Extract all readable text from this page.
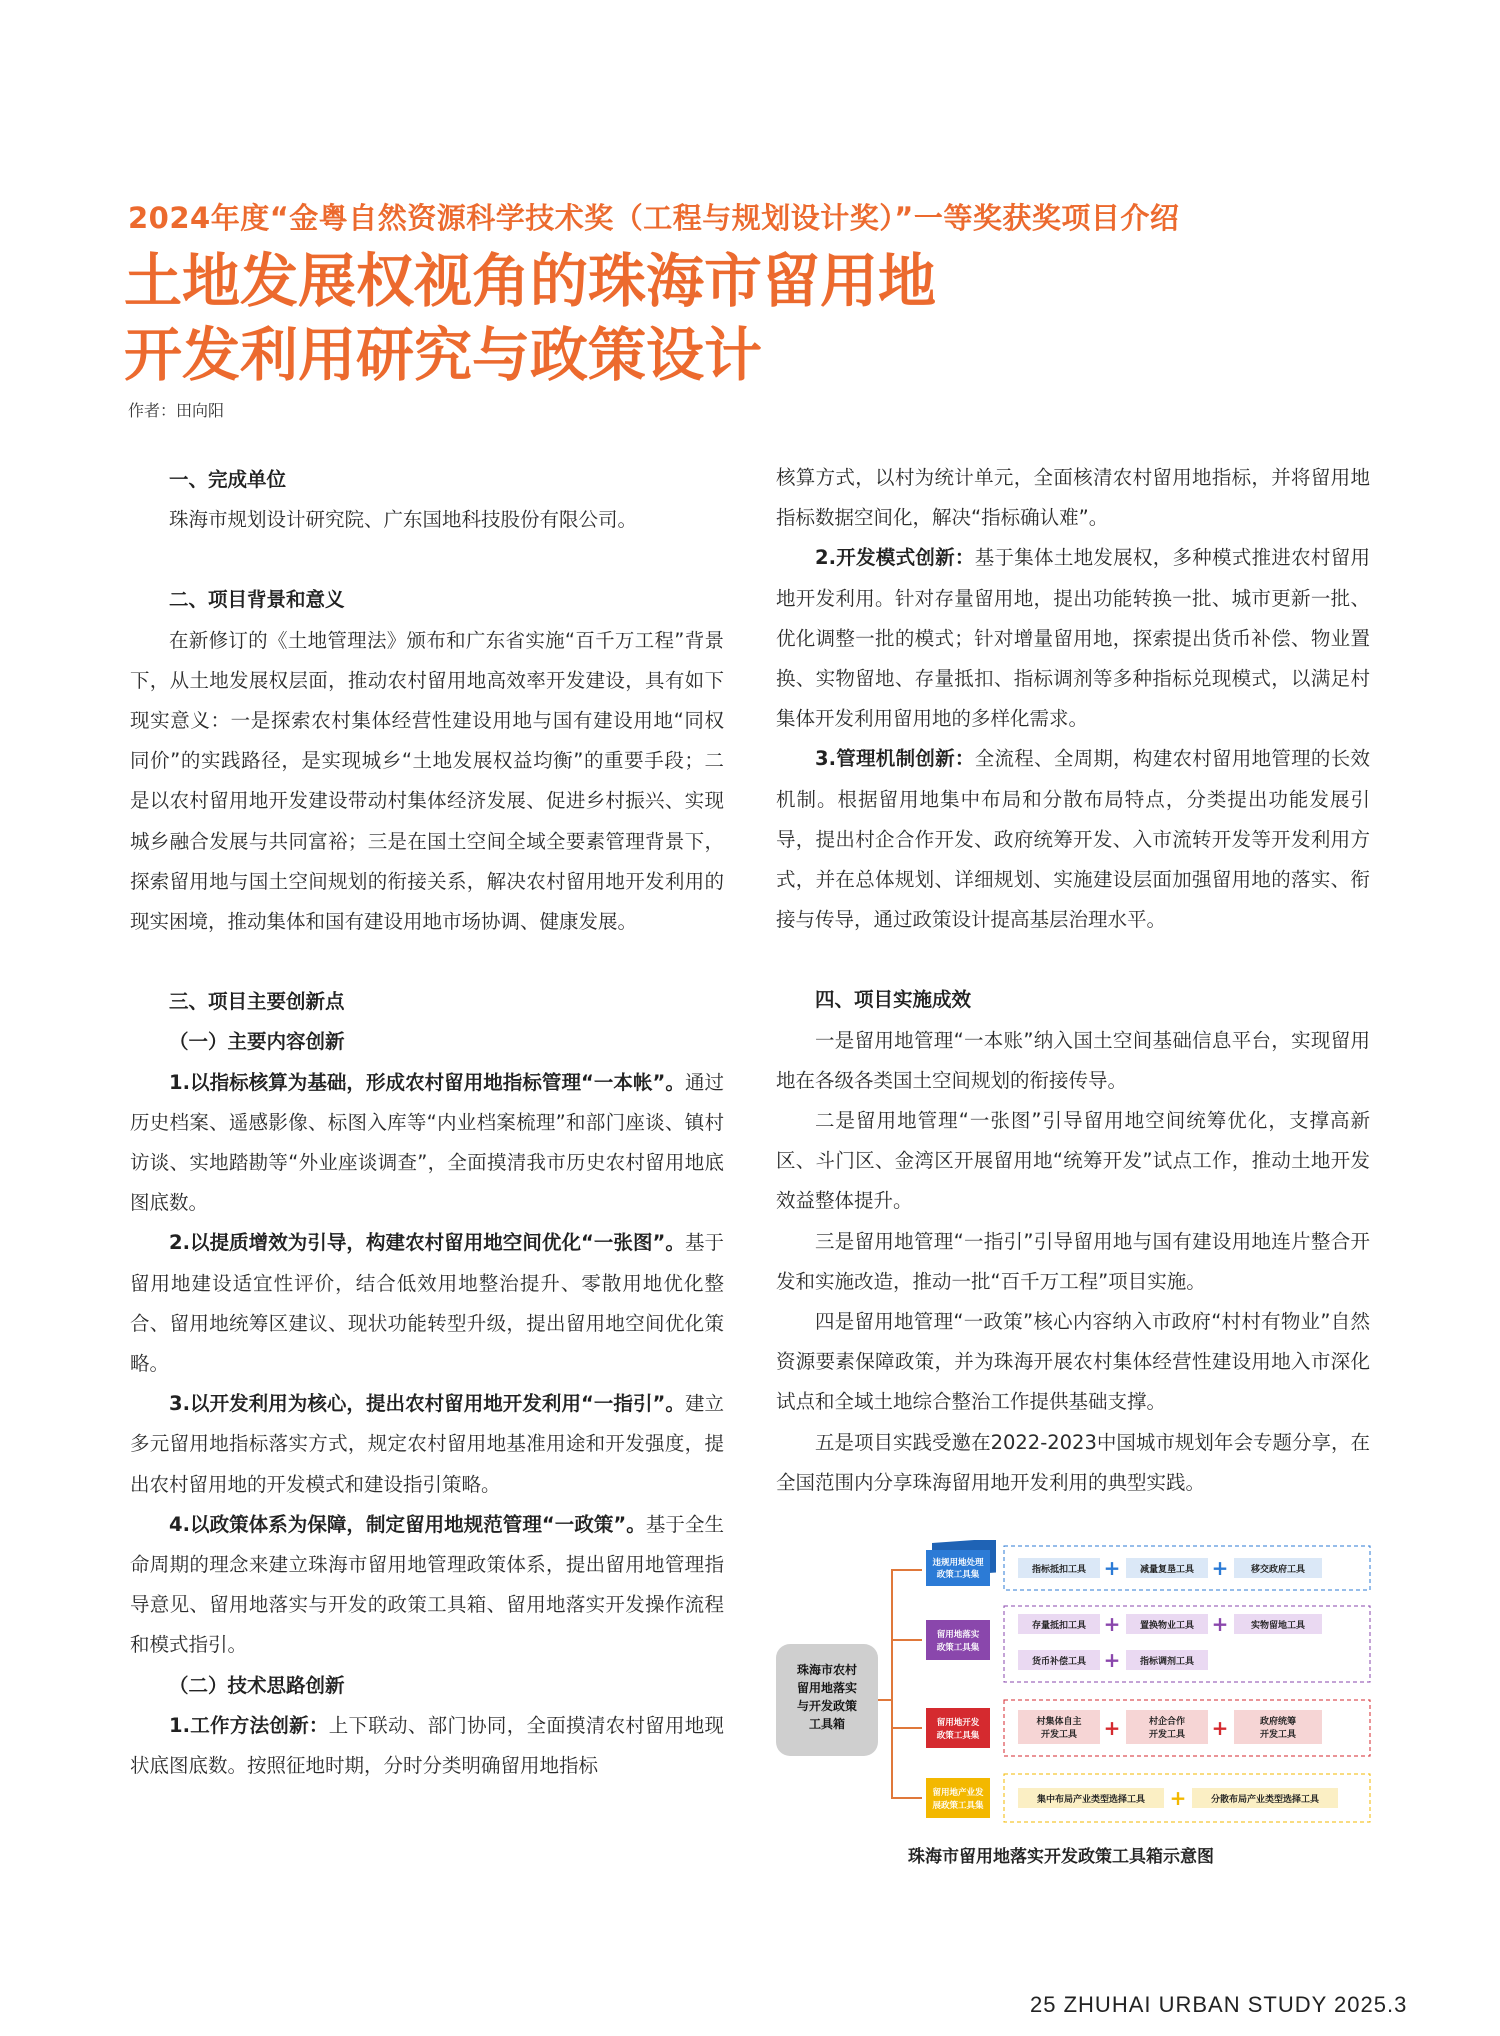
2024年度“金粤自然资源科学技术奖（工程与规划设计奖）”一等奖获奖项目介绍
土地发展权视角的珠海市留用地
开发利用研究与政策设计
作者：田向阳
一、完成单位

珠海市规划设计研究院、广东国地科技股份有限公司。

二、项目背景和意义

在新修订的《土地管理法》颁布和广东省实施“百千万工程”背景下，从土地发展权层面，推动农村留用地高效率开发建设，具有如下现实意义：一是探索农村集体经营性建设用地与国有建设用地“同权同价”的实践路径，是实现城乡“土地发展权益均衡”的重要手段；二是以农村留用地开发建设带动村集体经济发展、促进乡村振兴、实现城乡融合发展与共同富裕；三是在国土空间全域全要素管理背景下，探索留用地与国土空间规划的衔接关系，解决农村留用地开发利用的现实困境，推动集体和国有建设用地市场协调、健康发展。

三、项目主要创新点
（一）主要内容创新

1.以指标核算为基础，形成农村留用地指标管理“一本帐”。通过历史档案、遥感影像、标图入库等“内业档案梳理”和部门座谈、镇村访谈、实地踏勘等“外业座谈调查”，全面摸清我市历史农村留用地底图底数。

2.以提质增效为引导，构建农村留用地空间优化“一张图”。基于留用地建设适宜性评价，结合低效用地整治提升、零散用地优化整合、留用地统筹区建议、现状功能转型升级，提出留用地空间优化策略。

3.以开发利用为核心，提出农村留用地开发利用“一指引”。建立多元留用地指标落实方式，规定农村留用地基准用途和开发强度，提出农村留用地的开发模式和建设指引策略。

4.以政策体系为保障，制定留用地规范管理“一政策”。基于全生命周期的理念来建立珠海市留用地管理政策体系，提出留用地管理指导意见、留用地落实与开发的政策工具箱、留用地落实开发操作流程和模式指引。

（二）技术思路创新

1.工作方法创新：上下联动、部门协同，全面摸清农村留用地现状底图底数。按照征地时期，分时分类明确留用地指标

核算方式，以村为统计单元，全面核清农村留用地指标，并将留用地指标数据空间化，解决“指标确认难”。

2.开发模式创新：基于集体土地发展权，多种模式推进农村留用地开发利用。针对存量留用地，提出功能转换一批、城市更新一批、优化调整一批的模式；针对增量留用地，探索提出货币补偿、物业置换、实物留地、存量抵扣、指标调剂等多种指标兑现模式，以满足村集体开发利用留用地的多样化需求。

3.管理机制创新：全流程、全周期，构建农村留用地管理的长效机制。根据留用地集中布局和分散布局特点，分类提出功能发展引导，提出村企合作开发、政府统筹开发、入市流转开发等开发利用方式，并在总体规划、详细规划、实施建设层面加强留用地的落实、衔接与传导，通过政策设计提高基层治理水平。

四、项目实施成效

一是留用地管理“一本账”纳入国土空间基础信息平台，实现留用地在各级各类国土空间规划的衔接传导。

二是留用地管理“一张图”引导留用地空间统筹优化，支撑高新区、斗门区、金湾区开展留用地“统筹开发”试点工作，推动土地开发效益整体提升。

三是留用地管理“一指引”引导留用地与国有建设用地连片整合开发和实施改造，推动一批“百千万工程”项目实施。

四是留用地管理“一政策”核心内容纳入市政府“村村有物业”自然资源要素保障政策，并为珠海开展农村集体经营性建设用地入市深化试点和全域土地综合整治工作提供基础支撑。

五是项目实践受邀在2022-2023中国城市规划年会专题分享，在全国范围内分享珠海留用地开发利用的典型实践。

珠海市农村
留用地落实
与开发政策
工具箱
违规用地处理
政策工具集	指标抵扣工具 + 减量复垦工具 +	移交政府工具
留用地落实
政策工具集
存量抵扣工具 + 置换物业工具 +	实物留地工具
货币补偿工具 + 指标调剂工具
留用地开发
政策工具集
村集体自主
开发工具 +	村企合作
开发工具 +	政府统筹
开发工具
留用地产业发
展政策工具集
集中布局产业类型选择工具 +	分散布局产业类型选择工具
珠海市留用地落实开发政策工具箱示意图
25 ZHUHAI URBAN STUDY 2025.3
